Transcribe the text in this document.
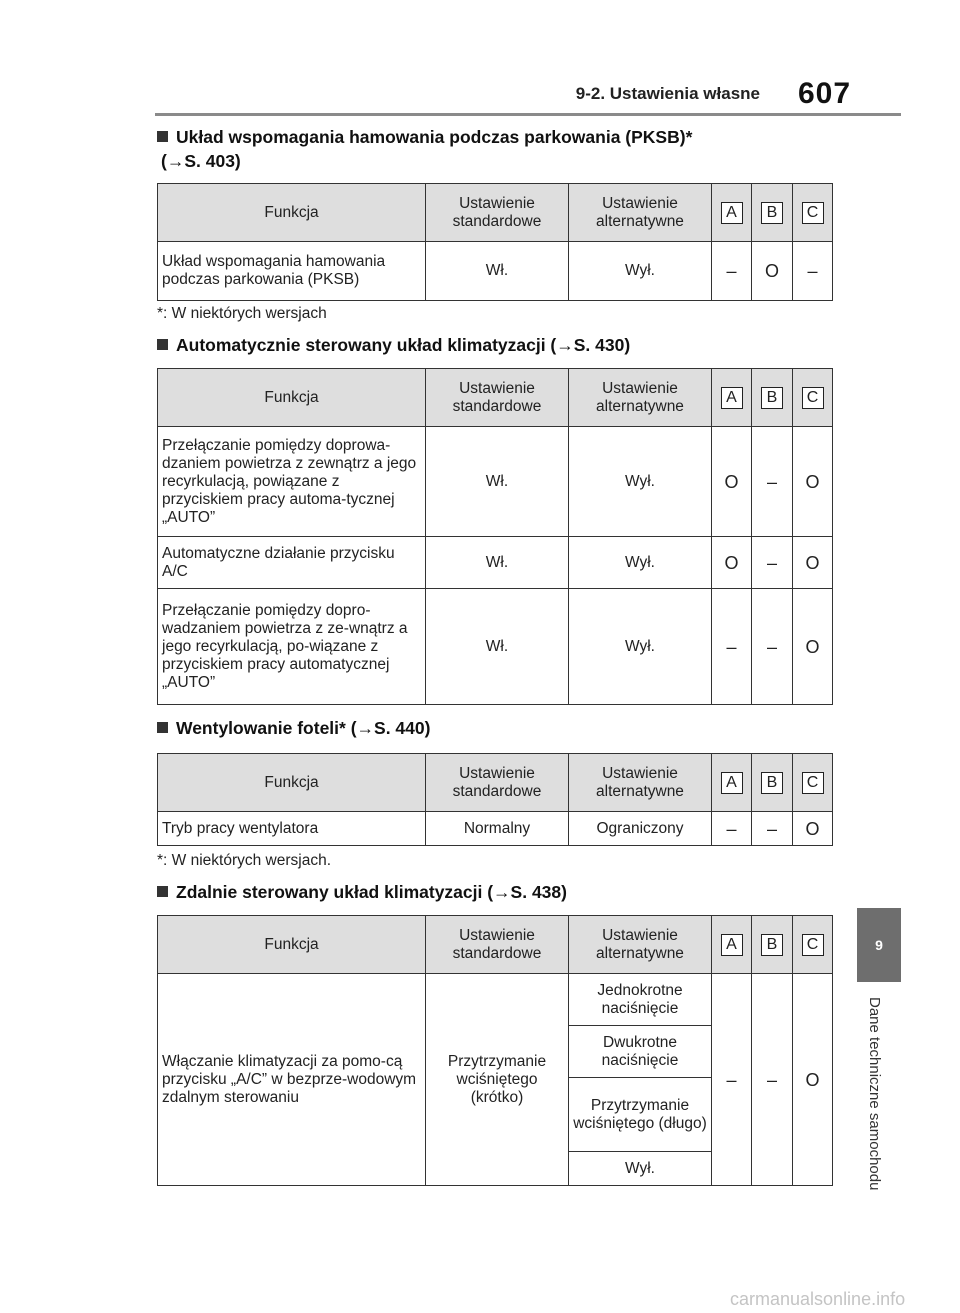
9-2. Ustawienia własne 607
Układ wspomagania hamowania podczas parkowania (PKSB)*
(→S. 403)
Funkcja	Ustawienie standardowe	Ustawienie alternatywne	A	B	C
Układ wspomagania hamowania podczas parkowania (PKSB)	Wł.	Wył.	–	O	–
*: W niektórych wersjach
Automatycznie sterowany układ klimatyzacji (→S. 430)
Funkcja	Ustawienie standardowe	Ustawienie alternatywne	A	B	C
Przełączanie pomiędzy doprowa-dzaniem powietrza z zewnątrz a jego recyrkulacją, powiązane z przyciskiem pracy automa-tycznej „AUTO”	Wł.	Wył.	O	–	O
Automatyczne działanie przycisku A/C	Wł.	Wył.	O	–	O
Przełączanie pomiędzy dopro-wadzaniem powietrza z ze-wnątrz a jego recyrkulacją, po-wiązane z przyciskiem pracy automatycznej „AUTO”	Wł.	Wył.	–	–	O
Wentylowanie foteli* (→S. 440)
Funkcja	Ustawienie standardowe	Ustawienie alternatywne	A	B	C
Tryb pracy wentylatora	Normalny	Ograniczony	–	–	O
*: W niektórych wersjach.
Zdalnie sterowany układ klimatyzacji (→S. 438)
Funkcja	Ustawienie standardowe	Ustawienie alternatywne	A	B	C
Włączanie klimatyzacji za pomo-cą przycisku „A/C” w bezprze-wodowym zdalnym sterowaniu	Przytrzymanie wciśniętego (krótko)	Jednokrotne naciśnięcie	–	–	O
		Dwukrotne naciśnięcie			
		Przytrzymanie wciśniętego (długo)			
		Wył.			
9
Dane techniczne samochodu
carmanualsonline.info
